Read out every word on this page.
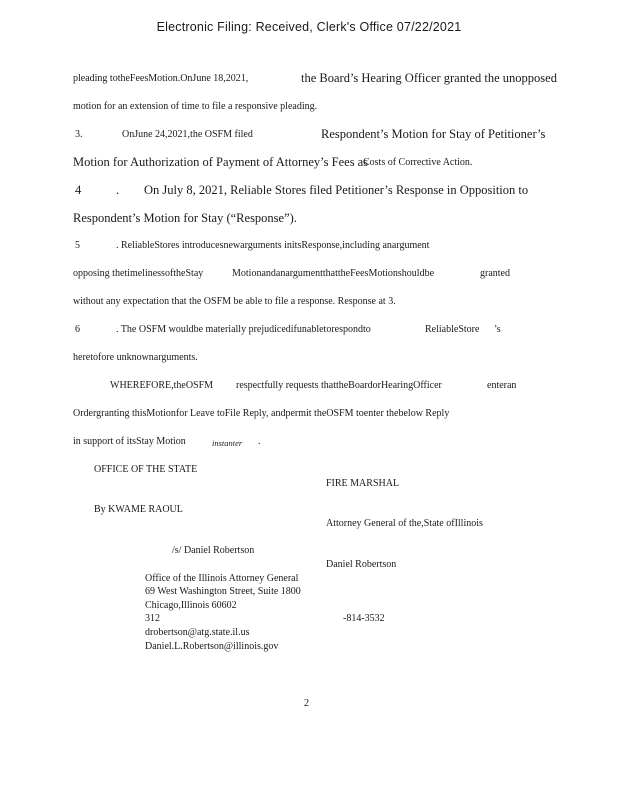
Electronic Filing: Received, Clerk's Office 07/22/2021
pleading totheFeesMotion.OnJune 18,2021,	the Board’s Hearing Officer granted the unopposed
motion for an extension of time to file a responsive pleading.
3.	OnJune 24,2021,the OSFM filed	Respondent’s Motion for Stay of Petitioner’s
Motion for Authorization of Payment of Attorney’s Fees as
Costs of Corrective Action.
4	. On July 8, 2021, Reliable Stores filed Petitioner’s Response in Opposition to
Respondent’s Motion for Stay (“Response”).
5	. ReliableStores introducesnewarguments initsResponse,including anargument
opposing thetimelinessoftheStay	MotionandanargumentthattheFeesMotionshouldbe	granted
without any expectation that the OSFM be able to file a response. Response at 3.
6	. The OSFM wouldbe materially prejudicedifunabletorespondto	ReliableStore ’s
heretofore unknownarguments.
WHEREFORE,theOSFM respectfully requests thattheBoardorHearingOfficer	enteran
Ordergranting thisMotionfor Leave toFile Reply, andpermit theOSFM toenter thebelow Reply
in support of itsStay Motion	instanter .
OFFICE OF THE STATE
FIRE MARSHAL
By KWAME RAOUL
Attorney General of the,State ofIllinois
/s/ Daniel Robertson
Daniel Robertson
Office of the Illinois Attorney General
69 West Washington Street, Suite 1800
Chicago,Illinois 60602
312	-814-3532
drobertson@atg.state.il.us
Daniel.L.Robertson@illinois.gov
2
